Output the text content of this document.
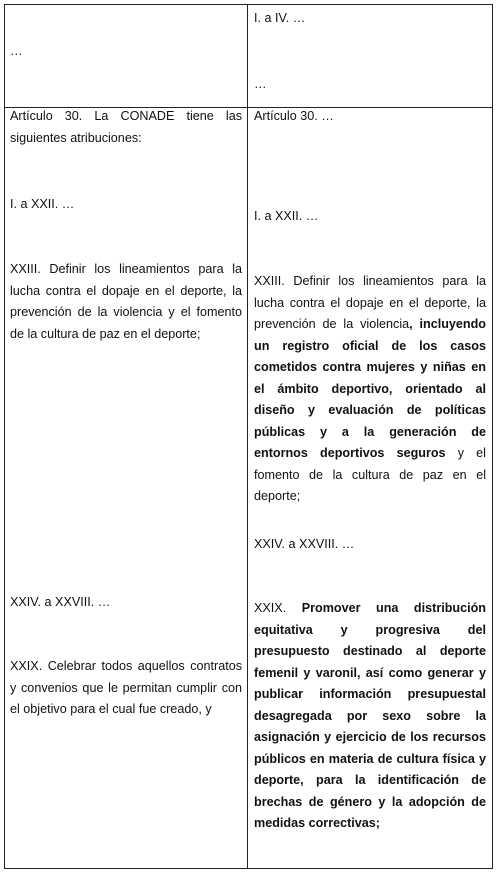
…
I. a IV. …
…

Artículo 30. La CONADE tiene las siguientes atribuciones:

I. a XXII. …

XXIII. Definir los lineamientos para la lucha contra el dopaje en el deporte, la prevención de la violencia y el fomento de la cultura de paz en el deporte;

XXIV. a XXVIII. …

XXIX. Celebrar todos aquellos contratos y convenios que le permitan cumplir con el objetivo para el cual fue creado, y

Artículo 30. …
I. a XXII. …

XXIII. Definir los lineamientos para la lucha contra el dopaje en el deporte, la prevención de la violencia, incluyendo un registro oficial de los casos cometidos contra mujeres y niñas en el ámbito deportivo, orientado al diseño y evaluación de políticas públicas y a la generación de entornos deportivos seguros y el fomento de la cultura de paz en el deporte;

XXIV. a XXVIII. …

XXIX. Promover una distribución equitativa y progresiva del presupuesto destinado al deporte femenil y varonil, así como generar y publicar información presupuestal desagregada por sexo sobre la asignación y ejercicio de los recursos públicos en materia de cultura física y deporte, para la identificación de brechas de género y la adopción de medidas correctivas;
